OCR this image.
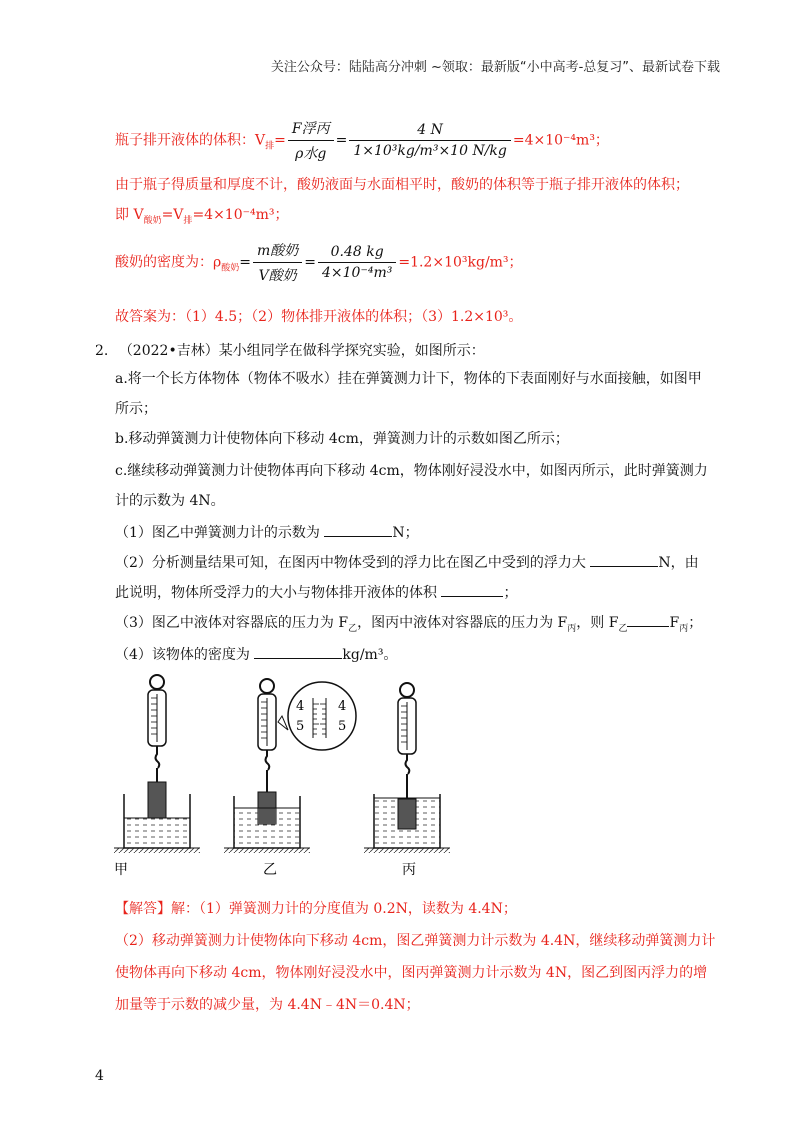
关注公众号：陆陆高分冲刺 ~领取：最新版“小中高考-总复习”、最新试卷下载
瓶子排开液体的体积：$V_排= \frac{\text{F浮丙}}{\text{ρ水g}} = \frac{4 N}{\text{1×10³kg/m³×10 N/kg}} =4\times 10^{-4}m^3$；
由于瓶子得质量和厚度不计，酸奶液面与水面相平时，酸奶的体积等于瓶子排开液体的体积；
即 $V_{酸奶}=V_排=4\times 10^{-4}m^3$；
酸奶的密度为：$\rho_{酸奶}= \frac{\text{m酸奶}}{\text{V酸奶}} = \frac{0.48 kg}{\text{4×10⁻⁴m³}} =1.2\times 10^3kg/m^3$；
故答案为：（1）4.5；（2）物体排开液体的体积；（3）1.2×10³。
2. （2022•吉林）某小组同学在做科学探究实验，如图所示：
a.将一个长方体物体（物体不吸水）挂在弹簧测力计下，物体的下表面刚好与水面接触，如图甲
所示；
b.移动弹簧测力计使物体向下移动 4cm，弹簧测力计的示数如图乙所示；
c.继续移动弹簧测力计使物体再向下移动 4cm，物体刚好浸没水中，如图丙所示，此时弹簧测力
计的示数为 4N。
（1）图乙中弹簧测力计的示数为	N；
（2）分析测量结果可知，在图丙中物体受到的浮力比在图乙中受到的浮力大	N，由
此说明，物体所受浮力的大小与物体排开液体的体积	；
（3）图乙中液体对容器底的压力为 $F_乙$，图丙中液体对容器底的压力为 $F_丙$，则 $F_乙$	$F_丙$；
（4）该物体的密度为	kg/m³。
4
5
4
5
甲	乙	丙
【解答】解：（1）弹簧测力计的分度值为 0.2N，读数为 4.4N；
（2）移动弹簧测力计使物体向下移动 4cm，图乙弹簧测力计示数为 4.4N，继续移动弹簧测力计
使物体再向下移动 4cm，物体刚好浸没水中，图丙弹簧测力计示数为 4N，图乙到图丙浮力的增
加量等于示数的减少量，为 4.4N﹣4N＝0.4N；
4
